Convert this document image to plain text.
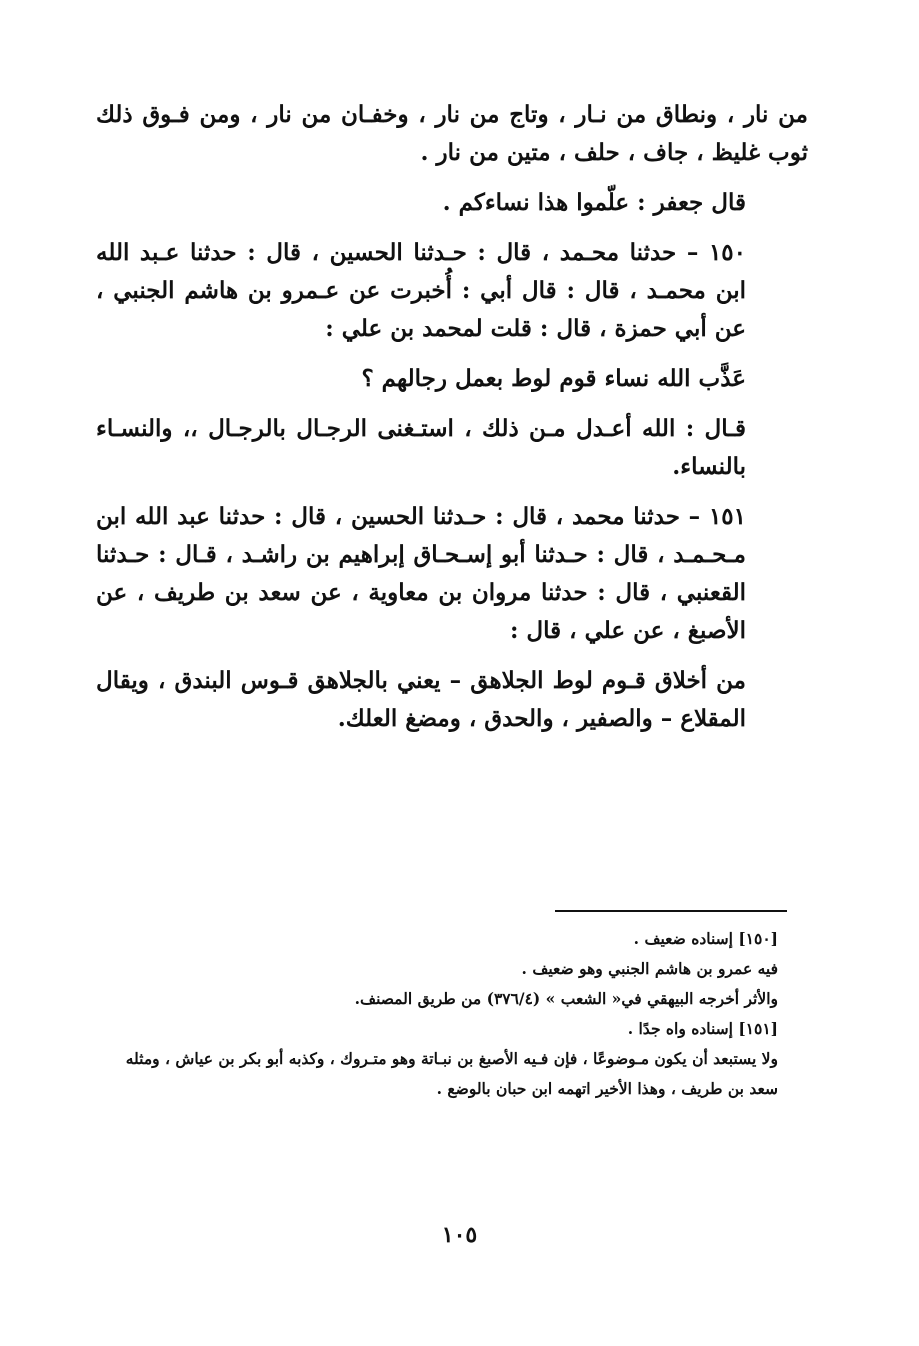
من نار ، ونطاق من نـار ، وتاج من نار ، وخفـان من نار ، ومن فـوق ذلك ثوب غليظ ، جاف ، حلف ، متين من نار .

قال جعفر : علّموا هذا نساءكم .

١٥٠ – حدثنا محـمد ، قال : حـدثنا الحسين ، قال : حدثنا عـبد الله ابن محمـد ، قال : قال أبي : أُخبرت عن عـمرو بن هاشم الجنبي ، عن أبي حمزة ، قال : قلت لمحمد بن علي :

عَذَّب الله نساء قوم لوط بعمل رجالهم ؟

قـال : الله أعـدل مـن ذلك ، استـغنى الرجـال بالرجـال ،، والنسـاء بالنساء.

١٥١ – حدثنا محمد ، قال : حـدثنا الحسين ، قال : حدثنا عبد الله ابن مـحـمـد ، قال : حـدثنا أبو إسـحـاق إبراهيم بن راشـد ، قـال : حـدثنا القعنبي ، قال : حدثنا مروان بن معاوية ، عن سعد بن طريف ، عن الأصبغ ، عن علي ، قال :

من أخلاق قـوم لوط الجلاهق – يعني بالجلاهق قـوس البندق ، ويقال المقلاع – والصفير ، والحدق ، ومضغ العلك.

[١٥٠] إسناده ضعيف .

فيه عمرو بن هاشم الجنبي وهو ضعيف .

والأثر أخرجه البيهقي في« الشعب » (٣٧٦/٤) من طريق المصنف.

[١٥١] إسناده واه جدًا .

ولا يستبعد أن يكون مـوضوعًا ، فإن فـيه الأصبغ بن نبـاتة وهو متـروك ، وكذبه أبو بكر بن عياش ، ومثله سعد بن طريف ، وهذا الأخير اتهمه ابن حبان بالوضع .

١٠٥
